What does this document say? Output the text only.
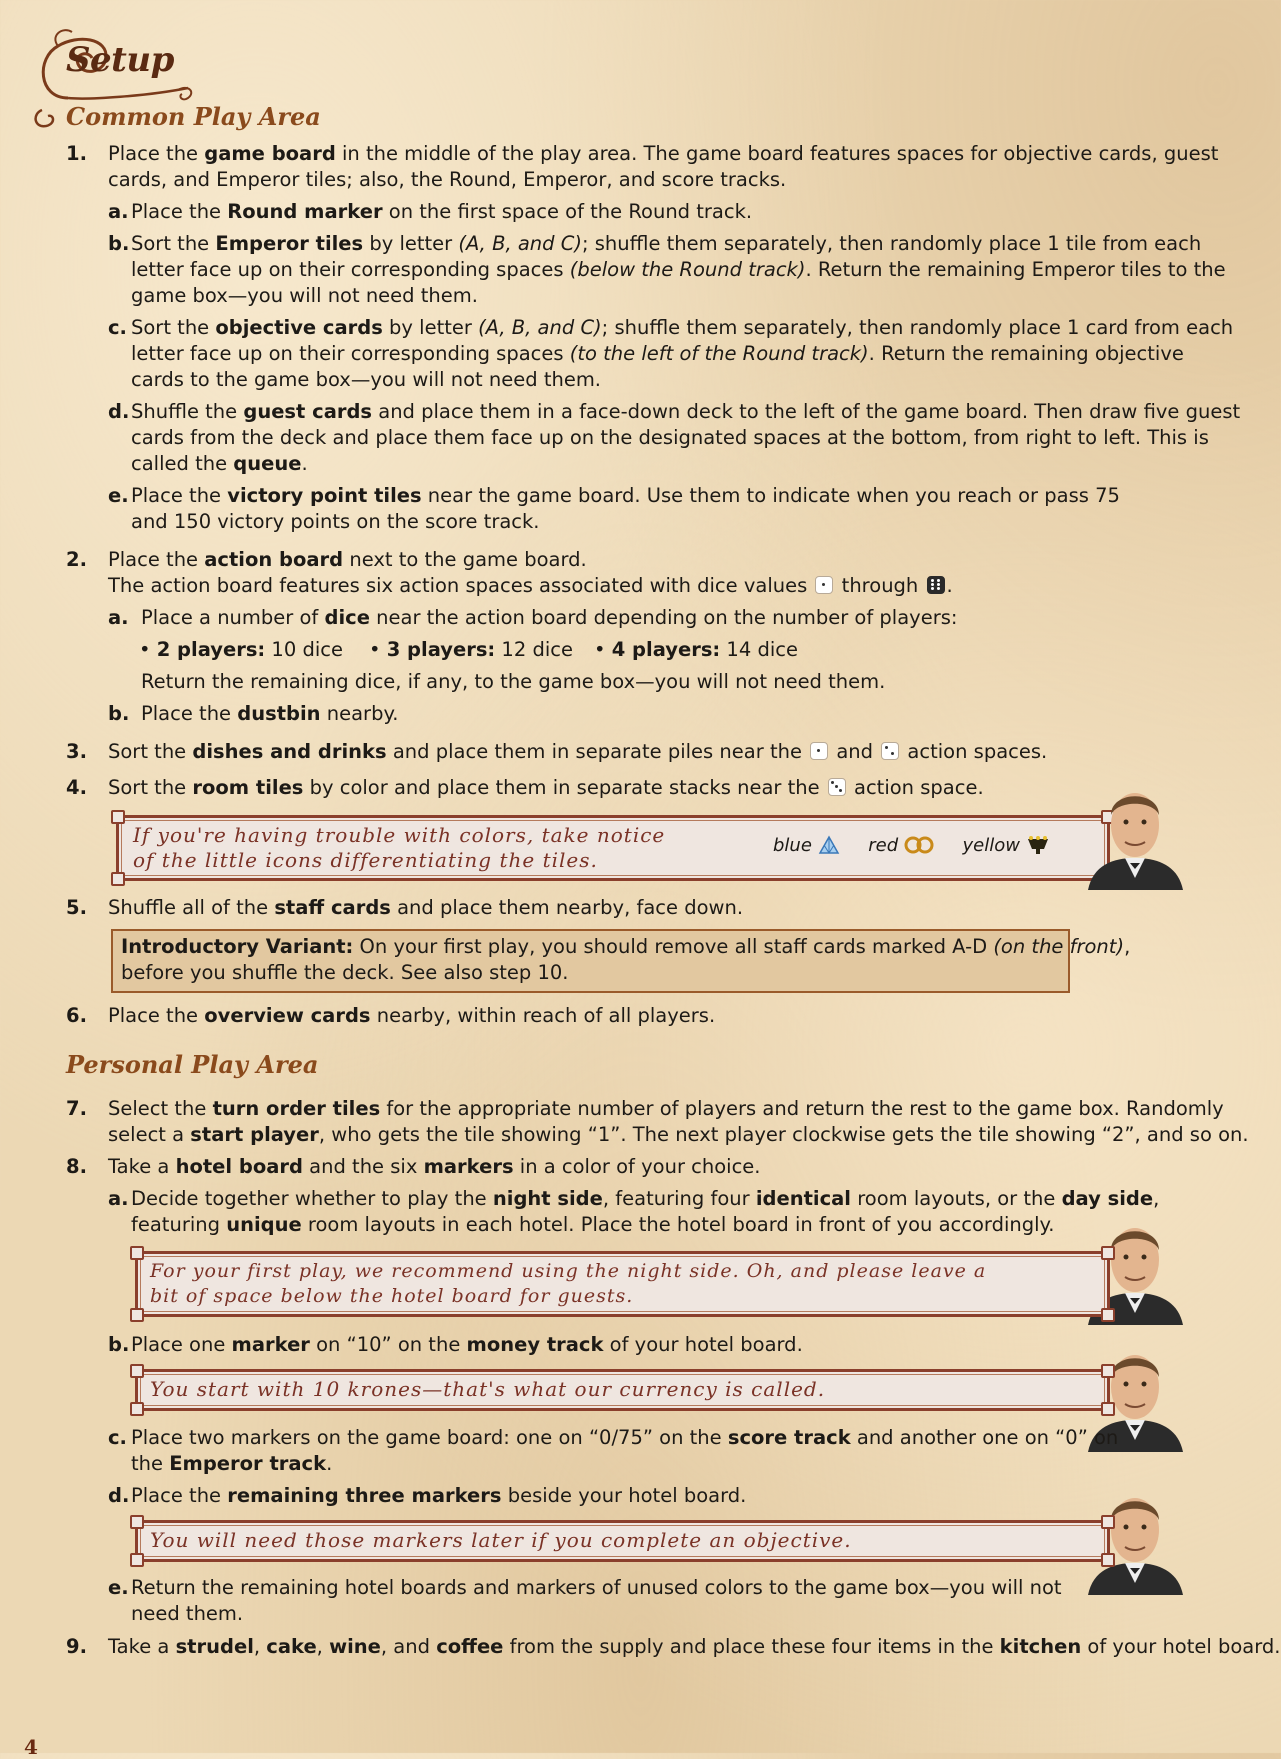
Setup
Common Play Area
1. Place the game board in the middle of the play area. The game board features spaces for objective cards, guest
cards, and Emperor tiles; also, the Round, Emperor, and score tracks.
a. Place the Round marker on the first space of the Round track.
b. Sort the Emperor tiles by letter (A, B, and C); shuffle them separately, then randomly place 1 tile from each
letter face up on their corresponding spaces (below the Round track). Return the remaining Emperor tiles to the
game box—you will not need them.
c. Sort the objective cards by letter (A, B, and C); shuffle them separately, then randomly place 1 card from each
letter face up on their corresponding spaces (to the left of the Round track). Return the remaining objective
cards to the game box—you will not need them.
d. Shuffle the guest cards and place them in a face-down deck to the left of the game board. Then draw five guest
cards from the deck and place them face up on the designated spaces at the bottom, from right to left. This is
called the queue.
e. Place the victory point tiles near the game board. Use them to indicate when you reach or pass 75
and 150 victory points on the score track.
2. Place the action board next to the game board.
The action board features six action spaces associated with dice values
through
.
a. Place a number of dice near the action board depending on the number of players:
• 2 players: 10 dice • 3 players: 12 dice • 4 players: 14 dice
Return the remaining dice, if any, to the game box—you will not need them.
b. Place the dustbin nearby.
3. Sort the dishes and drinks and place them in separate piles near the
and
action spaces.
4. Sort the room tiles by color and place them in separate stacks near the
action space.
If you're having trouble with colors, take notice
of the little icons differentiating the tiles.
blue	red	yellow
5. Shuffle all of the staff cards and place them nearby, face down.
Introductory Variant: On your first play, you should remove all staff cards marked A-D (on the front),
before you shuffle the deck. See also step 10.
6. Place the overview cards nearby, within reach of all players.
Personal Play Area
7. Select the turn order tiles for the appropriate number of players and return the rest to the game box. Randomly
select a start player, who gets the tile showing “1”. The next player clockwise gets the tile showing “2”, and so on.
8. Take a hotel board and the six markers in a color of your choice.
a. Decide together whether to play the night side, featuring four identical room layouts, or the day side,
featuring unique room layouts in each hotel. Place the hotel board in front of you accordingly.
For your first play, we recommend using the night side. Oh, and please leave a
bit of space below the hotel board for guests.
b. Place one marker on “10” on the money track of your hotel board.
You start with 10 krones—that's what our currency is called.
c. Place two markers on the game board: one on “0/75” on the score track and another one on “0” on
the Emperor track.
d. Place the remaining three markers beside your hotel board.
You will need those markers later if you complete an objective.
e. Return the remaining hotel boards and markers of unused colors to the game box—you will not
need them.
9. Take a strudel, cake, wine, and coffee from the supply and place these four items in the kitchen of your hotel board.
4
